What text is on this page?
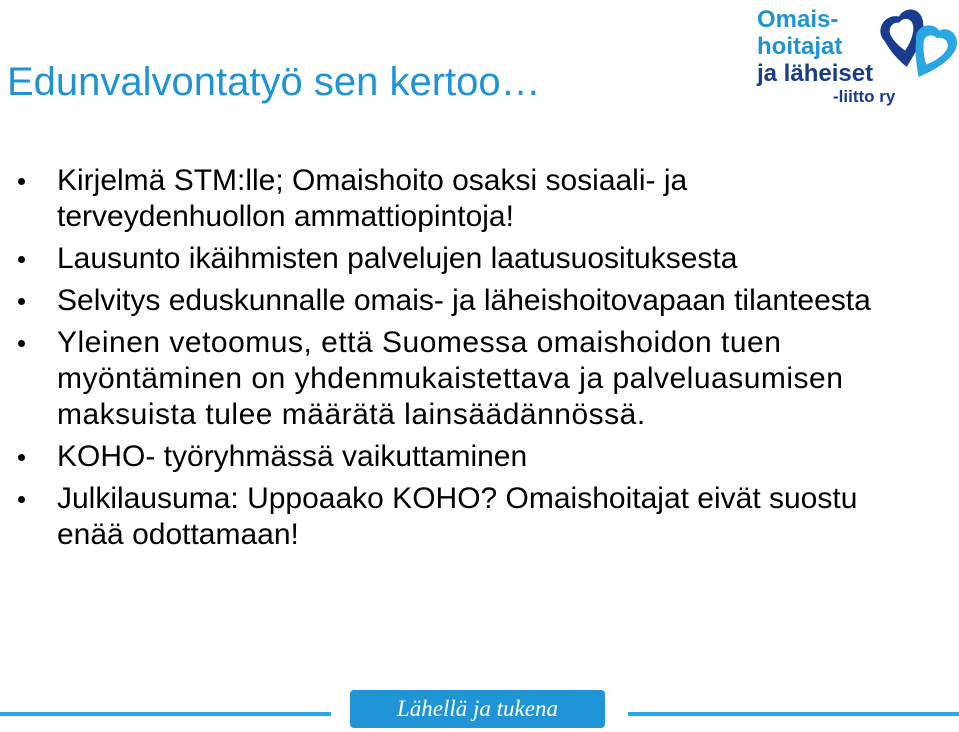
Edunvalvontatyö sen kertoo…
Omais-
hoitajat
ja läheiset
-liitto ry
Kirjelmä STM:lle; Omaishoito osaksi sosiaali- ja terveydenhuollon ammattiopintoja!
Lausunto ikäihmisten palvelujen laatusuosituksesta
Selvitys eduskunnalle omais- ja läheishoitovapaan tilanteesta
Yleinen vetoomus, että Suomessa omaishoidon tuen myöntäminen on yhdenmukaistettava ja palveluasumisen maksuista tulee määrätä lainsäädännössä.
KOHO- työryhmässä vaikuttaminen
Julkilausuma: Uppoaako KOHO? Omaishoitajat eivät suostu enää odottamaan!
Lähellä ja tukena
